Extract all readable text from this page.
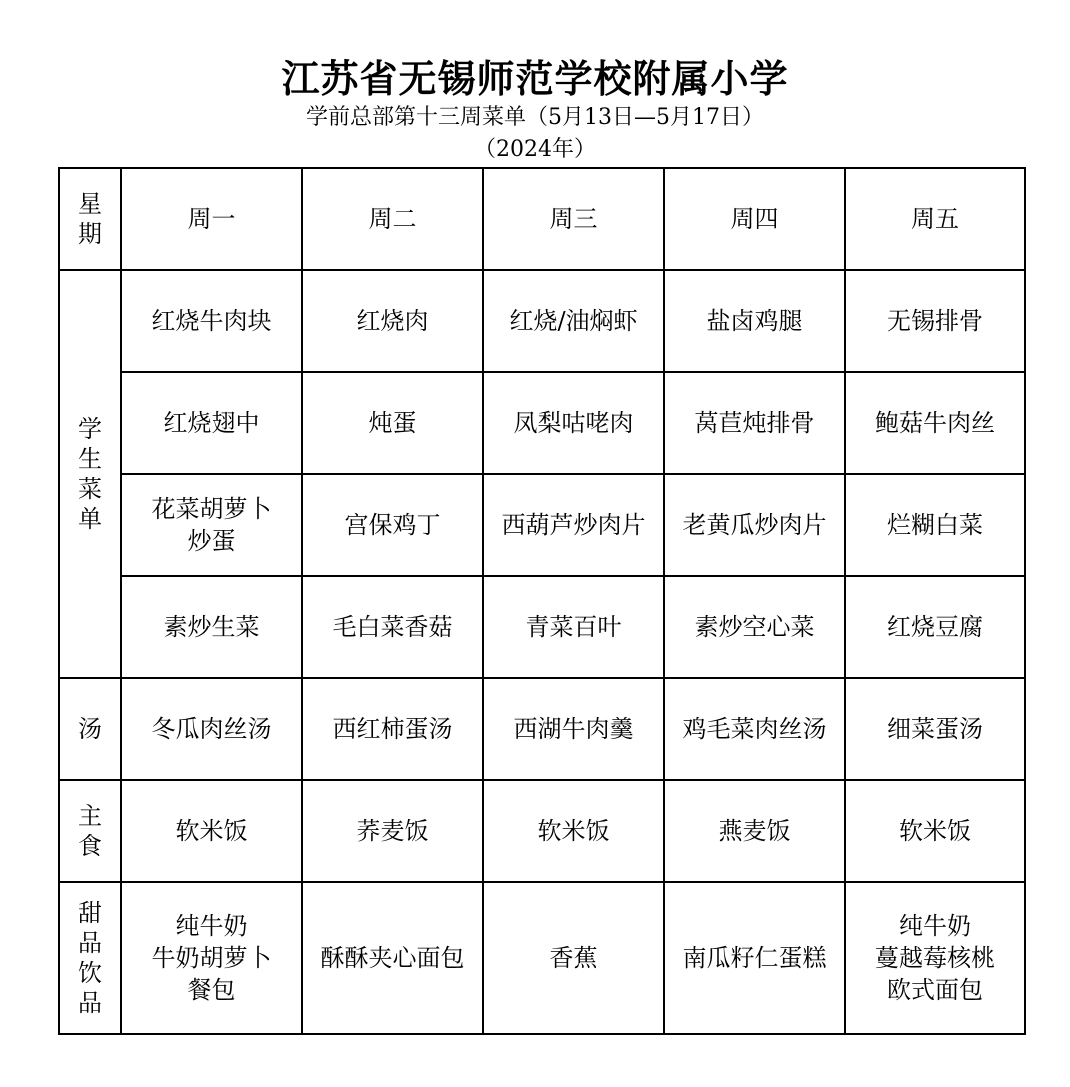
江苏省无锡师范学校附属小学
学前总部第十三周菜单（5月13日—5月17日）
（2024年）
星期	周一	周二	周三	周四	周五
学生菜单	红烧牛肉块	红烧肉	红烧/油焖虾	盐卤鸡腿	无锡排骨
	红烧翅中	炖蛋	凤梨咕咾肉	莴苣炖排骨	鲍菇牛肉丝

	花菜胡萝卜
炒蛋	宫保鸡丁	西葫芦炒肉片	老黄瓜炒肉片	烂糊白菜
	素炒生菜	毛白菜香菇	青菜百叶	素炒空心菜	红烧豆腐
汤	冬瓜肉丝汤	西红柿蛋汤	西湖牛肉羹	鸡毛菜肉丝汤	细菜蛋汤
主食	软米饭	荞麦饭	软米饭	燕麦饭	软米饭
甜品饮品	纯牛奶
牛奶胡萝卜
餐包	酥酥夹心面包	香蕉	南瓜籽仁蛋糕	纯牛奶
蔓越莓核桃
欧式面包
